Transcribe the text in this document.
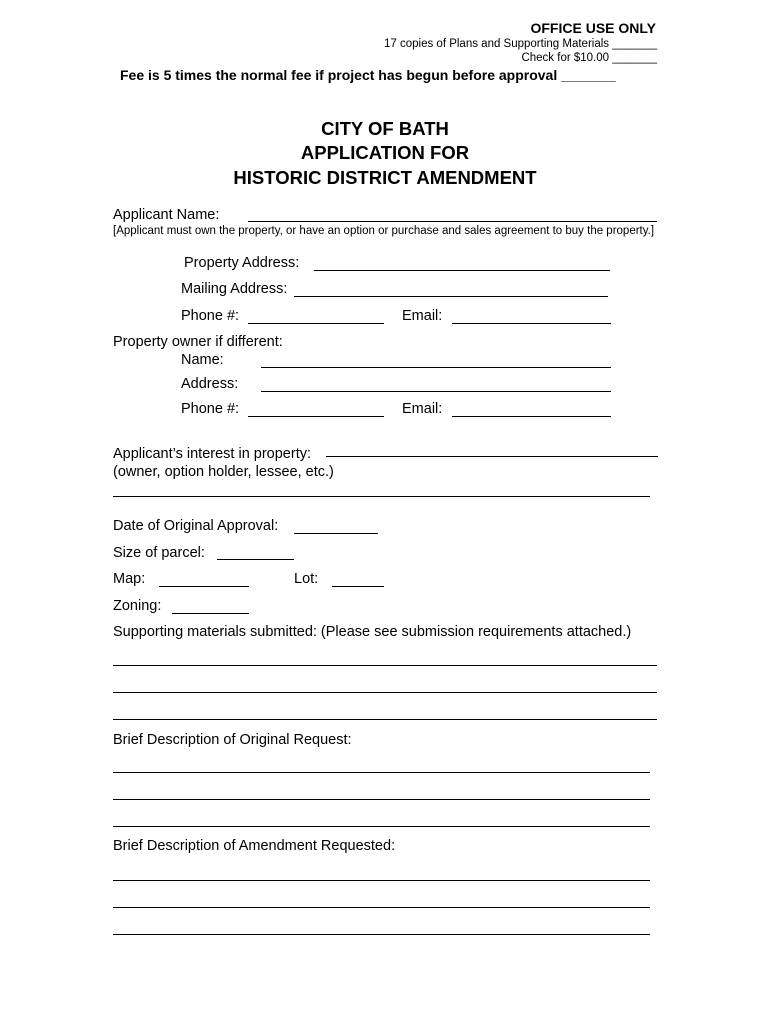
OFFICE USE ONLY
17 copies of Plans and Supporting Materials _______
Check for $10.00 _______
Fee is 5 times the normal fee if project has begun before approval _______
CITY OF BATH
APPLICATION FOR
HISTORIC DISTRICT AMENDMENT
Applicant Name:
[Applicant must own the property, or have an option or purchase and sales agreement to buy the property.]
Property Address:
Mailing Address:
Phone #:	Email:
Property owner if different:
Name:
Address:
Phone #:	Email:
Applicant’s interest in property:
(owner, option holder, lessee, etc.)
Date of Original Approval:
Size of parcel:
Map:	Lot:
Zoning:
Supporting materials submitted: (Please see submission requirements attached.)
Brief Description of Original Request:
Brief Description of Amendment Requested:
